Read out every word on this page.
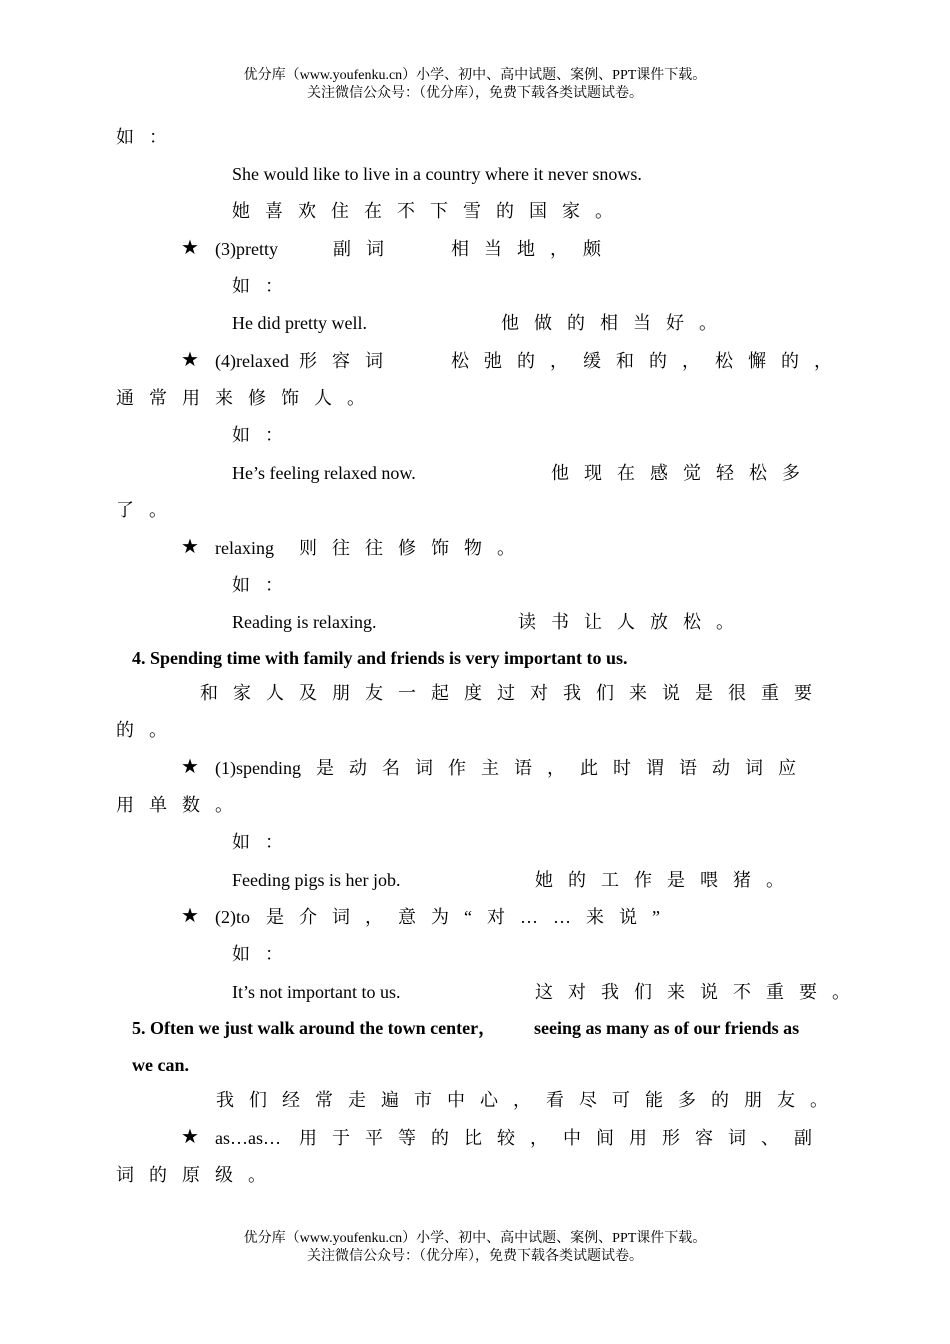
优分库（www.youfenku.cn）小学、初中、高中试题、案例、PPT课件下载。
关注微信公众号：（优分库），免费下载各类试题试卷。
如：
She would like to live in a country where it never snows.
她喜欢住在不下雪的国家。
★ (3)pretty	副词	相当地，颇
如：
He did pretty well.	他做的相当好。
★ (4)relaxed 形容词	松弛的，缓和的，松懈的，
通常用来修饰人。
如：
He’s feeling relaxed now.	他现在感觉轻松多
了。
★ relaxing 则往往修饰物。
如：
Reading is relaxing.	读书让人放松。
4. Spending time with family and friends is very important to us.
和家人及朋友一起度过对我们来说是很重要
的。
★ (1)spending 是动名词作主语，此时谓语动词应
用单数。
如：
Feeding pigs is her job.	她的工作是喂猪。
★ (2)to 是介词，意为“对……来说”
如：
It’s not important to us.	这对我们来说不重要。
5. Often we just walk around the town center， seeing as many as of our friends as
we can.
我们经常走遍市中心，看尽可能多的朋友。
★ as…as… 用于平等的比较，中间用形容词、副
词的原级。
优分库（www.youfenku.cn）小学、初中、高中试题、案例、PPT课件下载。
关注微信公众号：（优分库），免费下载各类试题试卷。
